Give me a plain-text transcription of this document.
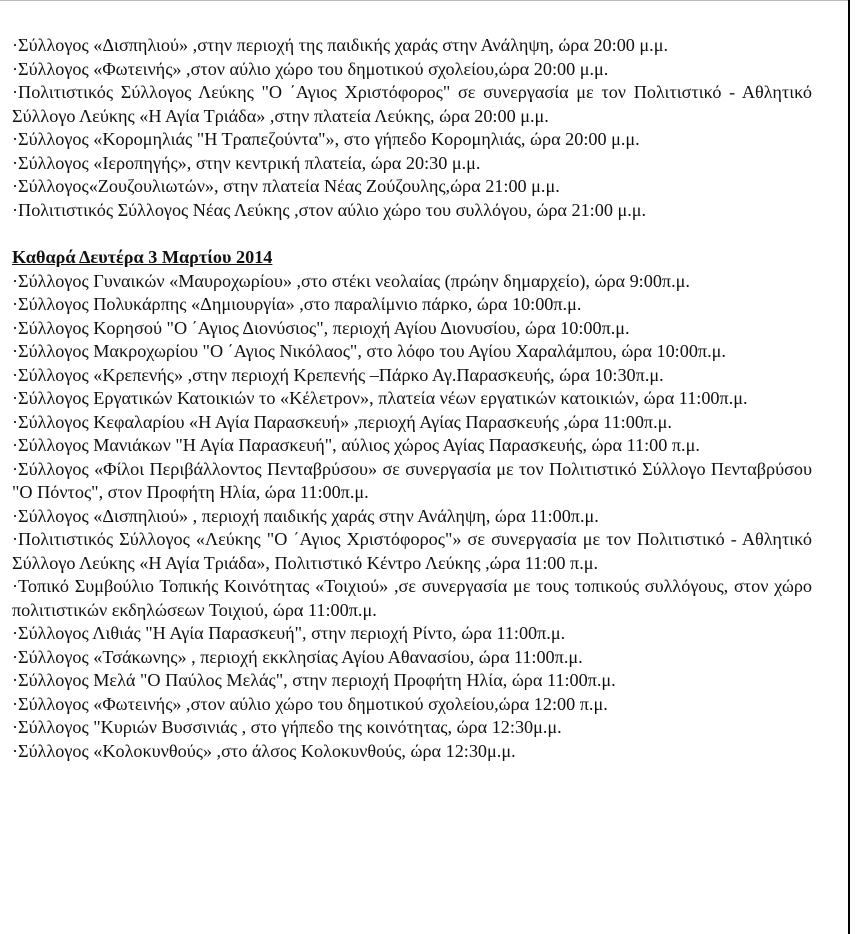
·Σύλλογος «Δισπηλιού» ,στην περιοχή της παιδικής χαράς στην Ανάληψη, ώρα 20:00 μ.μ.

·Σύλλογος «Φωτεινής» ,στον αύλιο χώρο του δημοτικού σχολείου,ώρα 20:00 μ.μ.

·Πολιτιστικός Σύλλογος Λεύκης "Ο ΄Αγιος Χριστόφορος" σε συνεργασία με τον Πολιτιστικό - Αθλητικό Σύλλογο Λεύκης «Η Αγία Τριάδα» ,στην πλατεία Λεύκης, ώρα 20:00 μ.μ.

·Σύλλογος «Κορομηλιάς "Η Τραπεζούντα"», στο γήπεδο Κορομηλιάς, ώρα 20:00 μ.μ.

·Σύλλογος «Ιεροπηγής», στην κεντρική πλατεία, ώρα 20:30 μ.μ.

·Σύλλογος«Ζουζουλιωτών», στην πλατεία Νέας Ζούζουλης,ώρα 21:00 μ.μ.

·Πολιτιστικός Σύλλογος Νέας Λεύκης ,στον αύλιο χώρο του συλλόγου, ώρα 21:00 μ.μ.

Καθαρά Δευτέρα 3 Μαρτίου 2014

·Σύλλογος Γυναικών «Μαυροχωρίου» ,στο στέκι νεολαίας (πρώην δημαρχείο), ώρα 9:00π.μ.

·Σύλλογος Πολυκάρπης «Δημιουργία» ,στο παραλίμνιο πάρκο, ώρα 10:00π.μ.

·Σύλλογος Κορησού "Ο ΄Αγιος Διονύσιος", περιοχή Αγίου Διονυσίου, ώρα 10:00π.μ.

·Σύλλογος Μακροχωρίου "Ο ΄Αγιος Νικόλαος", στο λόφο του Αγίου Χαραλάμπου, ώρα 10:00π.μ.

·Σύλλογος «Κρεπενής» ,στην περιοχή Κρεπενής –Πάρκο Αγ.Παρασκευής, ώρα 10:30π.μ.

·Σύλλογος Εργατικών Κατοικιών το «Κέλετρον», πλατεία νέων εργατικών κατοικιών, ώρα 11:00π.μ.

·Σύλλογος Κεφαλαρίου «Η Αγία Παρασκευή» ,περιοχή Αγίας Παρασκευής ,ώρα 11:00π.μ.

·Σύλλογος Μανιάκων "Η Αγία Παρασκευή", αύλιος χώρος Αγίας Παρασκευής, ώρα 11:00 π.μ.

·Σύλλογος «Φίλοι Περιβάλλοντος Πενταβρύσου» σε συνεργασία με τον Πολιτιστικό Σύλλογο Πενταβρύσου "Ο Πόντος", στον Προφήτη Ηλία, ώρα 11:00π.μ.

·Σύλλογος «Δισπηλιού» , περιοχή παιδικής χαράς στην Ανάληψη, ώρα 11:00π.μ.

·Πολιτιστικός Σύλλογος «Λεύκης "Ο ΄Αγιος Χριστόφορος"» σε συνεργασία με τον Πολιτιστικό - Αθλητικό Σύλλογο Λεύκης «Η Αγία Τριάδα», Πολιτιστικό Κέντρο Λεύκης ,ώρα 11:00 π.μ.

·Τοπικό Συμβούλιο Τοπικής Κοινότητας «Τοιχιού» ,σε συνεργασία με τους τοπικούς συλλόγους, στον χώρο πολιτιστικών εκδηλώσεων Τοιχιού, ώρα 11:00π.μ.

·Σύλλογος Λιθιάς "Η Αγία Παρασκευή", στην περιοχή Ρίντο, ώρα 11:00π.μ.

·Σύλλογος «Τσάκωνης» , περιοχή εκκλησίας Αγίου Αθανασίου, ώρα 11:00π.μ.

·Σύλλογος Μελά "Ο Παύλος Μελάς", στην περιοχή Προφήτη Ηλία, ώρα 11:00π.μ.

·Σύλλογος «Φωτεινής» ,στον αύλιο χώρο του δημοτικού σχολείου,ώρα 12:00 π.μ.

·Σύλλογος "Κυριών Βυσσινιάς , στο γήπεδο της κοινότητας, ώρα 12:30μ.μ.

·Σύλλογος «Κολοκυνθούς» ,στο άλσος Κολοκυνθούς, ώρα 12:30μ.μ.
